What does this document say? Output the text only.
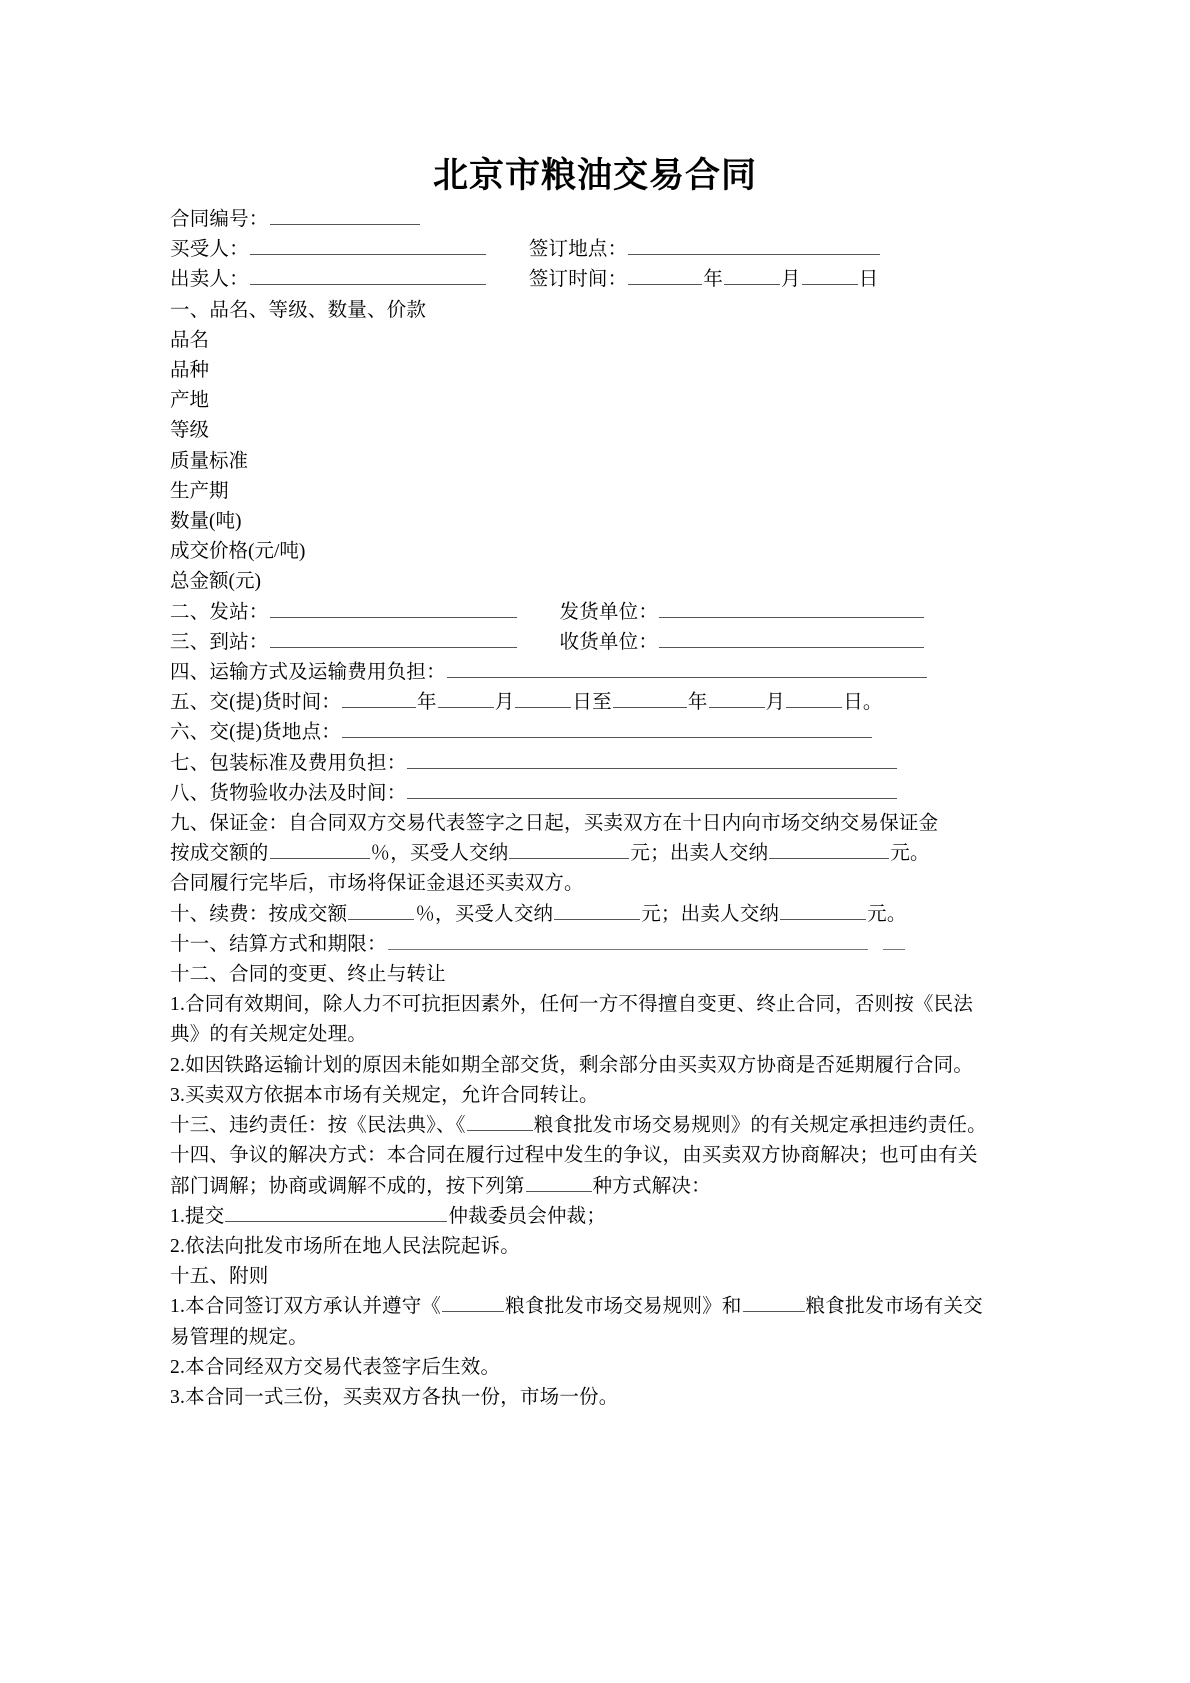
北京市粮油交易合同
合同编号：
买受人：	签订地点：
出卖人：	签订时间：	年	月	日
一、品名、等级、数量、价款
品名
品种
产地
等级
质量标准
生产期
数量(吨)
成交价格(元/吨)
总金额(元)
二、发站：	发货单位：
三、到站：	收货单位：
四、运输方式及运输费用负担：
五、交(提)货时间：	年	月	日至	年	月	日。
六、交(提)货地点：
七、包装标准及费用负担：
八、货物验收办法及时间：
九、保证金：自合同双方交易代表签字之日起，买卖双方在十日内向市场交纳交易保证金
按成交额的	％，买受人交纳	元；出卖人交纳	元。
合同履行完毕后，市场将保证金退还买卖双方。
十、续费：按成交额	％，买受人交纳	元；出卖人交纳	元。
十一、结算方式和期限：
十二、合同的变更、终止与转让
1.合同有效期间，除人力不可抗拒因素外，任何一方不得擅自变更、终止合同，否则按《民法典》的有关规定处理。
2.如因铁路运输计划的原因未能如期全部交货，剩余部分由买卖双方协商是否延期履行合同。
3.买卖双方依据本市场有关规定，允许合同转让。
十三、违约责任：按《民法典》、《	粮食批发市场交易规则》的有关规定承担违约责任。
十四、争议的解决方式：本合同在履行过程中发生的争议，由买卖双方协商解决；也可由有关部门调解；协商或调解不成的，按下列第	种方式解决：
1.提交	仲裁委员会仲裁；
2.依法向批发市场所在地人民法院起诉。
十五、附则
1.本合同签订双方承认并遵守《	粮食批发市场交易规则》和	粮食批发市场有关交易管理的规定。
2.本合同经双方交易代表签字后生效。
3.本合同一式三份，买卖双方各执一份，市场一份。
